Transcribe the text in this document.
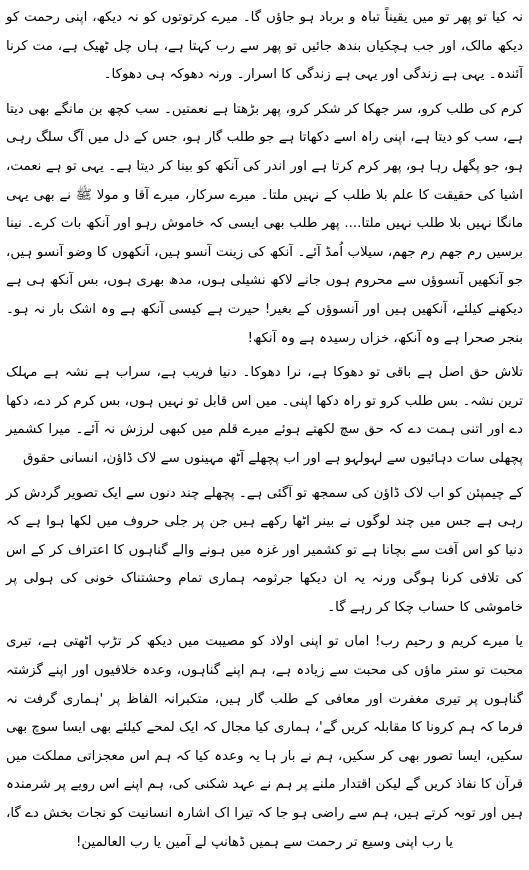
نہ کیا تو پھر تو میں یقیناً تباہ و برباد ہو جاؤں گا۔ میرے کرتوتوں کو نہ دیکھ، اپنی رحمت کو دیکھ مالک، اور جب ہچکیاں بندھ جائیں تو پھر سے رب کہتا ہے، ہاں چل ٹھیک ہے، مت کرنا آئندہ۔ یہی ہے زندگی اور یہی ہے زندگی کا اسرار۔ ورنہ دھوکہ ہی دھوکا۔

کرم کی طلب کرو، سر جھکا کر شکر کرو، پھر بڑھتا ہے نعمتیں۔ سب کچھ بن مانگے بھی دیتا ہے، سب کو دیتا ہے، اپنی راہ اسے دکھاتا ہے جو طلب گار ہو، جس کے دل میں آگ سلگ رہی ہو، جو پگھل رہا ہو، پھر کرم کرتا ہے اور اندر کی آنکھ کو بینا کر دیتا ہے۔ یہی تو ہے نعمت، اشیا کی حقیقت کا علم بلا طلب کے نہیں ملتا۔ میرے سرکار، میرے آقا و مولا ﷺ نے بھی یہی مانگا نہیں بلا طلب نہیں ملتا.... پھر طلب بھی ایسی کہ خاموش رہو اور آنکھ بات کرے۔ نینا برسیں رم جھم رم جھم، سیلاب اُمڈ آئے۔ آنکھ کی زینت آنسو ہیں، آنکھوں کا وضو آنسو ہیں، جو آنکھیں آنسوؤں سے محروم ہوں جانے لاکھ نشیلی ہوں، مدھ بھری ہوں، بس آنکھ ہی ہے دیکھنے کیلئے، آنکھیں ہیں اور آنسوؤں کے بغیر! حیرت ہے کیسی آنکھ ہے وہ اشک بار نہ ہو۔ بنجر صحرا ہے وہ آنکھ، خزاں رسیدہ ہے وہ آنکھ!

تلاش حق اصل ہے باقی تو دھوکا ہے، نرا دھوکا۔ دنیا فریب ہے، سراب ہے نشہ ہے مہلک ترین نشہ۔ بس طلب کرو تو راہ دکھا اپنی۔ میں اس قابل تو نہیں ہوں، بس کرم کر دے، دکھا دے اور اتنی ہمت دے کہ حق سچ لکھتے ہوئے میرے قلم میں کبھی لرزش نہ آئے۔ میرا کشمیر پچھلی سات دہائیوں سے لہولہو ہے اور اب پچھلے آٹھ مہینوں سے لاک ڈاؤن، انسانی حقوق

کے چیمپئن کو اب لاک ڈاؤن کی سمجھ تو آگئی ہے۔ پچھلے چند دنوں سے ایک تصویر گردش کر رہی ہے جس میں چند لوگوں نے بینر اٹھا رکھے ہیں جن پر جلی حروف میں لکھا ہوا ہے کہ دنیا کو اس آفت سے بچانا ہے تو کشمیر اور غزہ میں ہونے والے گناہوں کا اعتراف کر کے اس کی تلافی کرنا ہوگی ورنہ یہ ان دیکھا جرثومہ ہماری تمام وحشتناک خونی کی ہولی پر خاموشی کا حساب چکا کر رہے گا۔

یا میرے کریم و رحیم رب! اماں تو اپنی اولاد کو مصیبت میں دیکھ کر تڑپ اٹھتی ہے، تیری محبت تو ستر ماؤں کی محبت سے زیادہ ہے، ہم اپنے گناہوں، وعدہ خلافیوں اور اپنے گزشتہ گناہوں پر تیری مغفرت اور معافی کے طلب گار ہیں، متکبرانہ الفاظ پر 'ہماری گرفت نہ فرما کہ ہم کرونا کا مقابلہ کریں گے'، ہماری کیا مجال کہ ایک لمحے کیلئے بھی ایسا سوچ بھی سکیں، ایسا تصور بھی کر سکیں، ہم نے بار ہا یہ وعدہ کیا کہ ہم اس معجزاتی مملکت میں قرآن کا نفاذ کریں گے لیکن اقتدار ملنے پر ہم نے عہد شکنی کی، ہم اپنے اس رویے پر شرمندہ ہیں اور توبہ کرتے ہیں، ہم سے راضی ہو جا کہ تیرا اک اشارہ انسانیت کو نجات بخش دے گا، یا رب اپنی وسیع تر رحمت سے ہمیں ڈھانپ لے آمین یا رب العالمین!
